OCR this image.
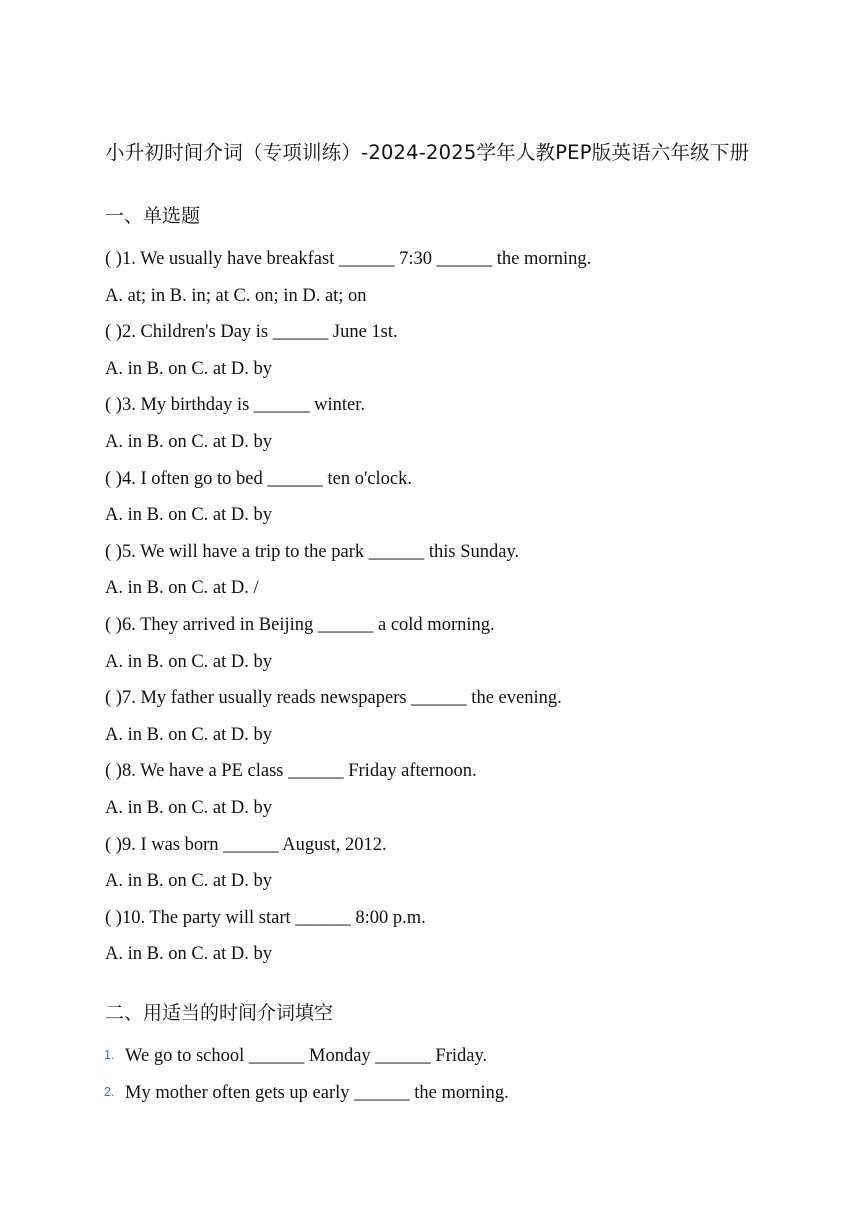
小升初时间介词（专项训练）-2024-2025学年人教PEP版英语六年级下册
一、单选题
( )1. We usually have breakfast ______ 7:30 ______ the morning.
A. at; in B. in; at C. on; in D. at; on
( )2. Children's Day is ______ June 1st.
A. in B. on C. at D. by
( )3. My birthday is ______ winter.
A. in B. on C. at D. by
( )4. I often go to bed ______ ten o'clock.
A. in B. on C. at D. by
( )5. We will have a trip to the park ______ this Sunday.
A. in B. on C. at D. /
( )6. They arrived in Beijing ______ a cold morning.
A. in B. on C. at D. by
( )7. My father usually reads newspapers ______ the evening.
A. in B. on C. at D. by
( )8. We have a PE class ______ Friday afternoon.
A. in B. on C. at D. by
( )9. I was born ______ August, 2012.
A. in B. on C. at D. by
( )10. The party will start ______ 8:00 p.m.
A. in B. on C. at D. by
二、用适当的时间介词填空
1. We go to school ______ Monday ______ Friday.
2. My mother often gets up early ______ the morning.
